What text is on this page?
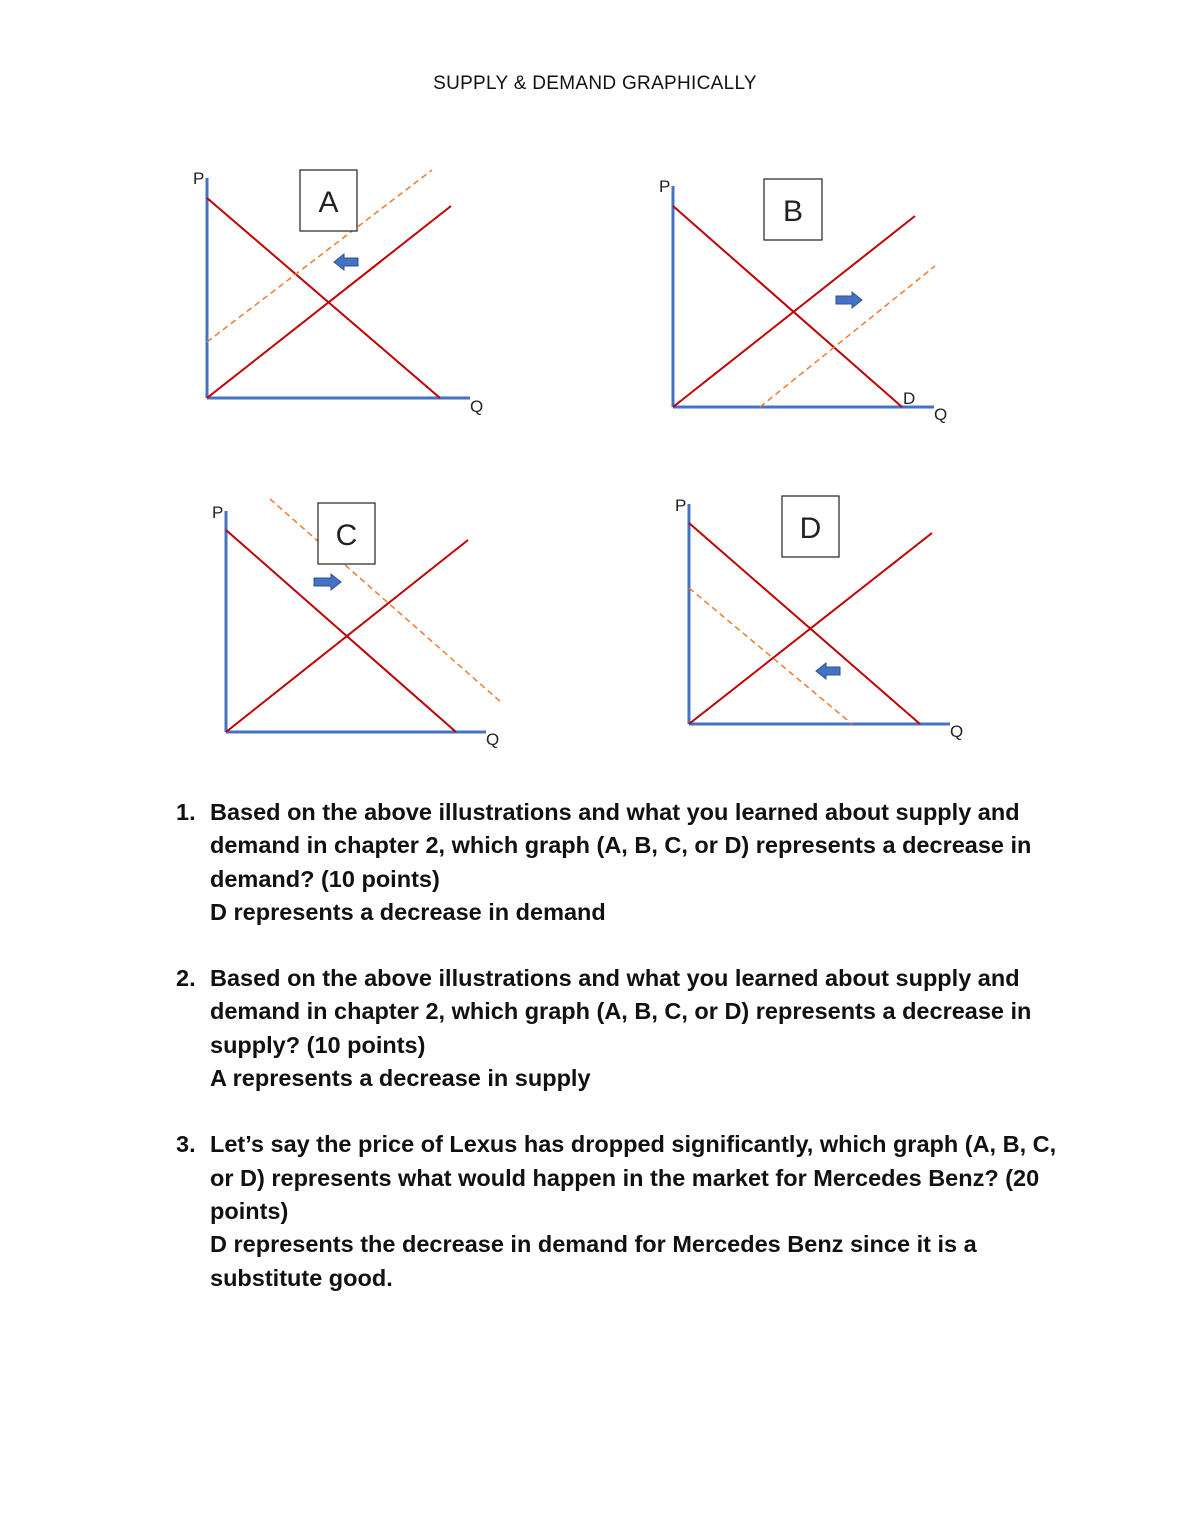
SUPPLY & DEMAND GRAPHICALLY
P
Q
A	P
Q
D
B
P
Q
C
P
Q
D
1. Based on the above illustrations and what you learned about supply and demand in chapter 2, which graph (A, B, C, or D) represents a decrease in demand? (10 points)
D represents a decrease in demand
2. Based on the above illustrations and what you learned about supply and demand in chapter 2, which graph (A, B, C, or D) represents a decrease in supply? (10 points)
A represents a decrease in supply
3. Let’s say the price of Lexus has dropped significantly, which graph (A, B, C, or D) represents what would happen in the market for Mercedes Benz? (20 points)
D represents the decrease in demand for Mercedes Benz since it is a substitute good.
